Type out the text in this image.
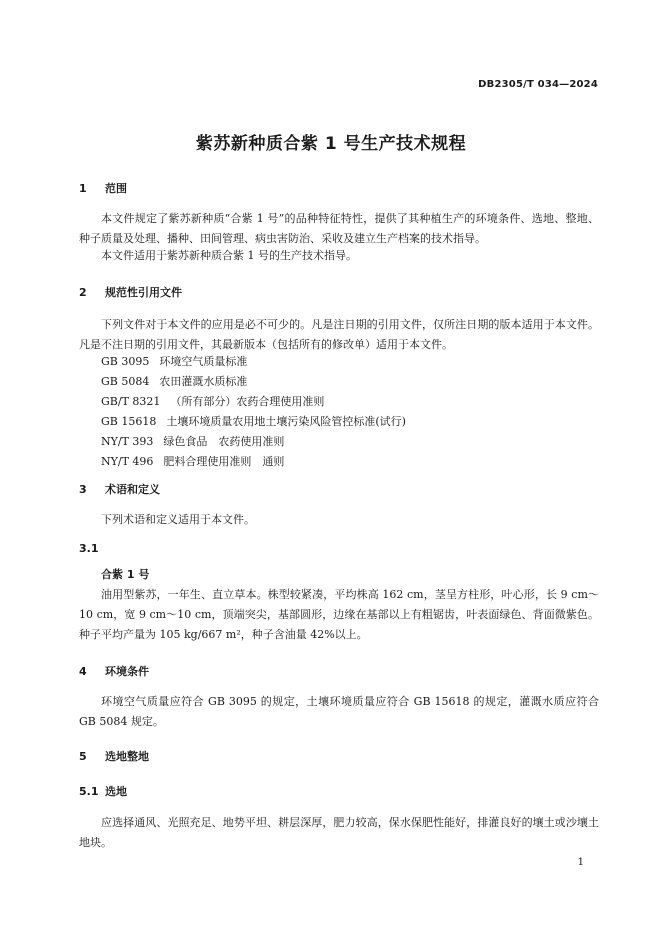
DB2305/T 034—2024
紫苏新种质合紫 1 号生产技术规程
1 范围

本文件规定了紫苏新种质“合紫 1 号”的品种特征特性，提供了其种植生产的环境条件、选地、整地、种子质量及处理、播种、田间管理、病虫害防治、采收及建立生产档案的技术指导。

本文件适用于紫苏新种质合紫 1 号的生产技术指导。

2 规范性引用文件

下列文件对于本文件的应用是必不可少的。凡是注日期的引用文件，仅所注日期的版本适用于本文件。凡是不注日期的引用文件，其最新版本（包括所有的修改单）适用于本文件。

GB 3095 环境空气质量标准
GB 5084 农田灌溉水质标准
GB/T 8321 （所有部分）农药合理使用准则
GB 15618 土壤环境质量农用地土壤污染风险管控标准(试行)
NY/T 393 绿色食品　农药使用准则
NY/T 496 肥料合理使用准则　通则
3 术语和定义

下列术语和定义适用于本文件。

3.1
合紫 1 号

油用型紫苏，一年生、直立草本。株型较紧凑，平均株高 162 cm，茎呈方柱形，叶心形，长 9 cm～10 cm，宽 9 cm～10 cm，顶端突尖，基部圆形，边缘在基部以上有粗锯齿，叶表面绿色、背面微紫色。种子平均产量为 105 kg/667 m²，种子含油量 42%以上。

4 环境条件

环境空气质量应符合 GB 3095 的规定，土壤环境质量应符合 GB 15618 的规定，灌溉水质应符合 GB 5084 规定。

5 选地整地
5.1 选地

应选择通风、光照充足、地势平坦、耕层深厚，肥力较高，保水保肥性能好，排灌良好的壤土或沙壤土地块。

1
